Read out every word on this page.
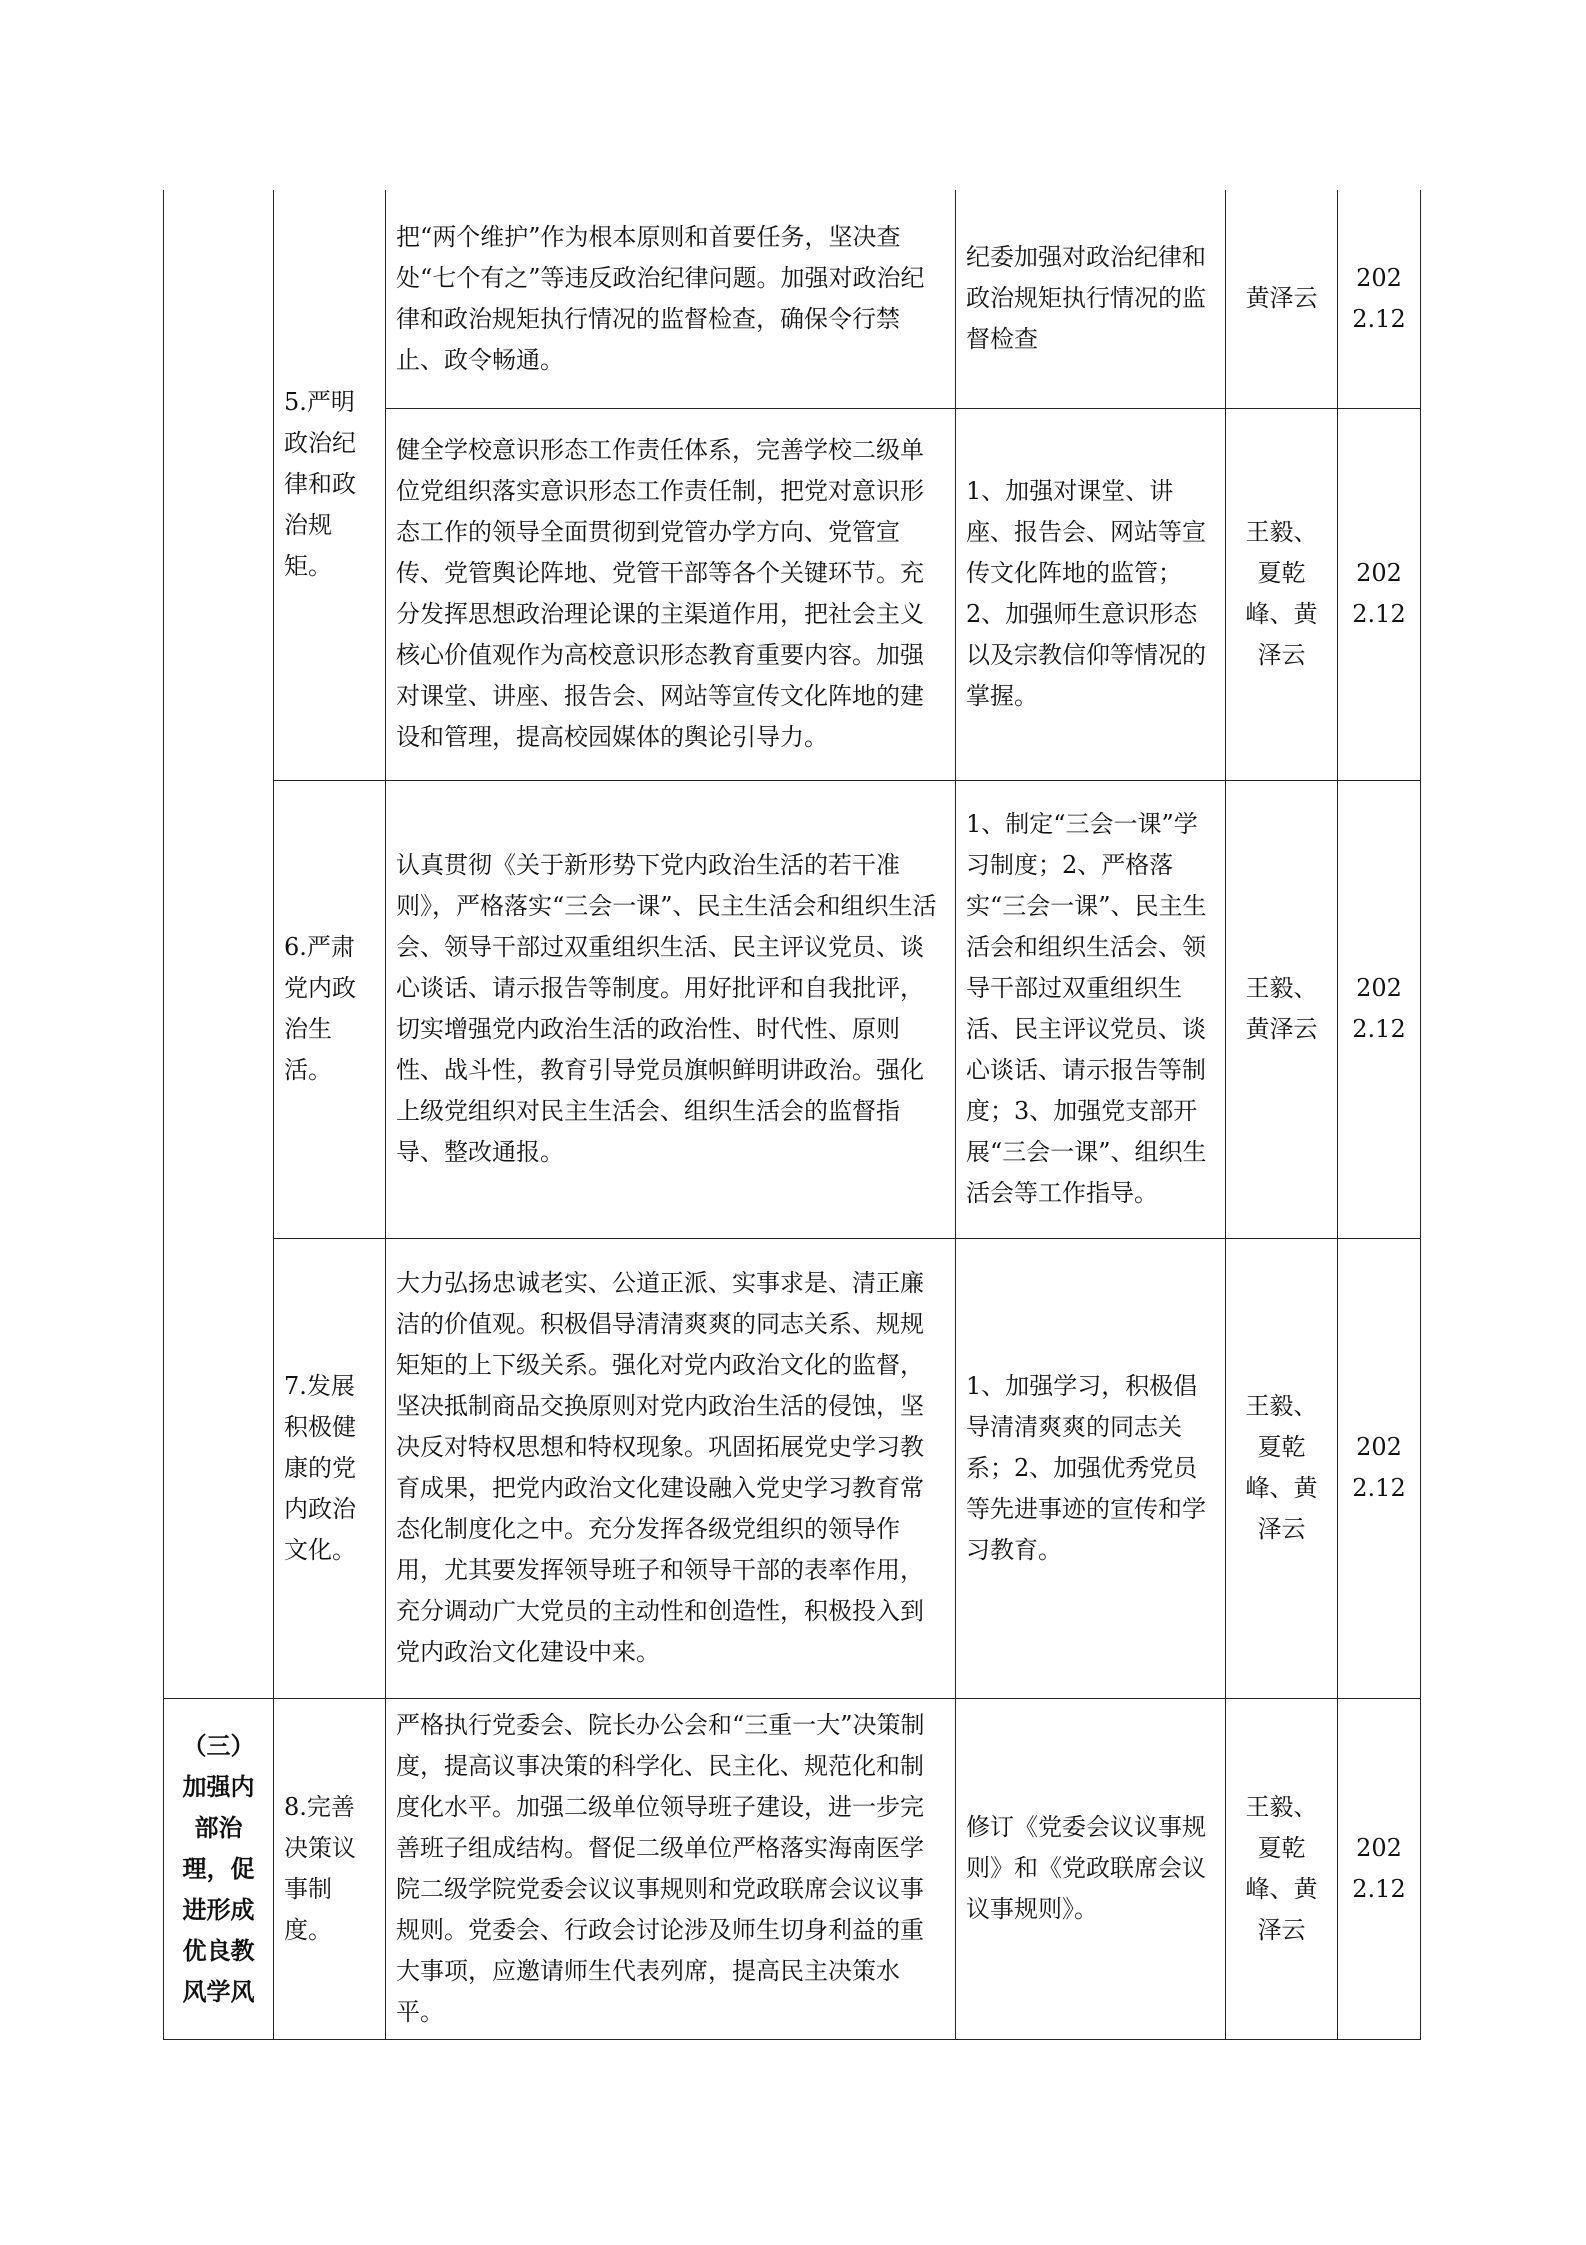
	5.严明政治纪律和政治规矩。	把“两个维护”作为根本原则和首要任务，坚决查处“七个有之”等违反政治纪律问题。加强对政治纪律和政治规矩执行情况的监督检查，确保令行禁止、政令畅通。	纪委加强对政治纪律和政治规矩执行情况的监督检查	黄泽云	2022.12
		健全学校意识形态工作责任体系，完善学校二级单位党组织落实意识形态工作责任制，把党对意识形态工作的领导全面贯彻到党管办学方向、党管宣传、党管舆论阵地、党管干部等各个关键环节。充分发挥思想政治理论课的主渠道作用，把社会主义核心价值观作为高校意识形态教育重要内容。加强对课堂、讲座、报告会、网站等宣传文化阵地的建设和管理，提高校园媒体的舆论引导力。	1、加强对课堂、讲座、报告会、网站等宣传文化阵地的监管；2、加强师生意识形态以及宗教信仰等情况的掌握。	王毅、夏乾峰、黄泽云	2022.12
	6.严肃党内政治生活。	认真贯彻《关于新形势下党内政治生活的若干准则》，严格落实“三会一课”、民主生活会和组织生活会、领导干部过双重组织生活、民主评议党员、谈心谈话、请示报告等制度。用好批评和自我批评，切实增强党内政治生活的政治性、时代性、原则性、战斗性，教育引导党员旗帜鲜明讲政治。强化上级党组织对民主生活会、组织生活会的监督指导、整改通报。	1、制定“三会一课”学习制度；2、严格落实“三会一课”、民主生活会和组织生活会、领导干部过双重组织生活、民主评议党员、谈心谈话、请示报告等制度；3、加强党支部开展“三会一课”、组织生活会等工作指导。	王毅、黄泽云	2022.12
	7.发展积极健康的党内政治文化。	大力弘扬忠诚老实、公道正派、实事求是、清正廉洁的价值观。积极倡导清清爽爽的同志关系、规规矩矩的上下级关系。强化对党内政治文化的监督，坚决抵制商品交换原则对党内政治生活的侵蚀，坚决反对特权思想和特权现象。巩固拓展党史学习教育成果，把党内政治文化建设融入党史学习教育常态化制度化之中。充分发挥各级党组织的领导作用，尤其要发挥领导班子和领导干部的表率作用，充分调动广大党员的主动性和创造性，积极投入到党内政治文化建设中来。	1、加强学习，积极倡导清清爽爽的同志关系；2、加强优秀党员等先进事迹的宣传和学习教育。	王毅、夏乾峰、黄泽云	2022.12
（三）加强内部治理，促进形成优良教风学风	8.完善决策议事制度。	严格执行党委会、院长办公会和“三重一大”决策制度，提高议事决策的科学化、民主化、规范化和制度化水平。加强二级单位领导班子建设，进一步完善班子组成结构。督促二级单位严格落实海南医学院二级学院党委会议议事规则和党政联席会议议事规则。党委会、行政会讨论涉及师生切身利益的重大事项，应邀请师生代表列席，提高民主决策水平。	修订《党委会议议事规则》和《党政联席会议议事规则》。	王毅、夏乾峰、黄泽云	2022.12
